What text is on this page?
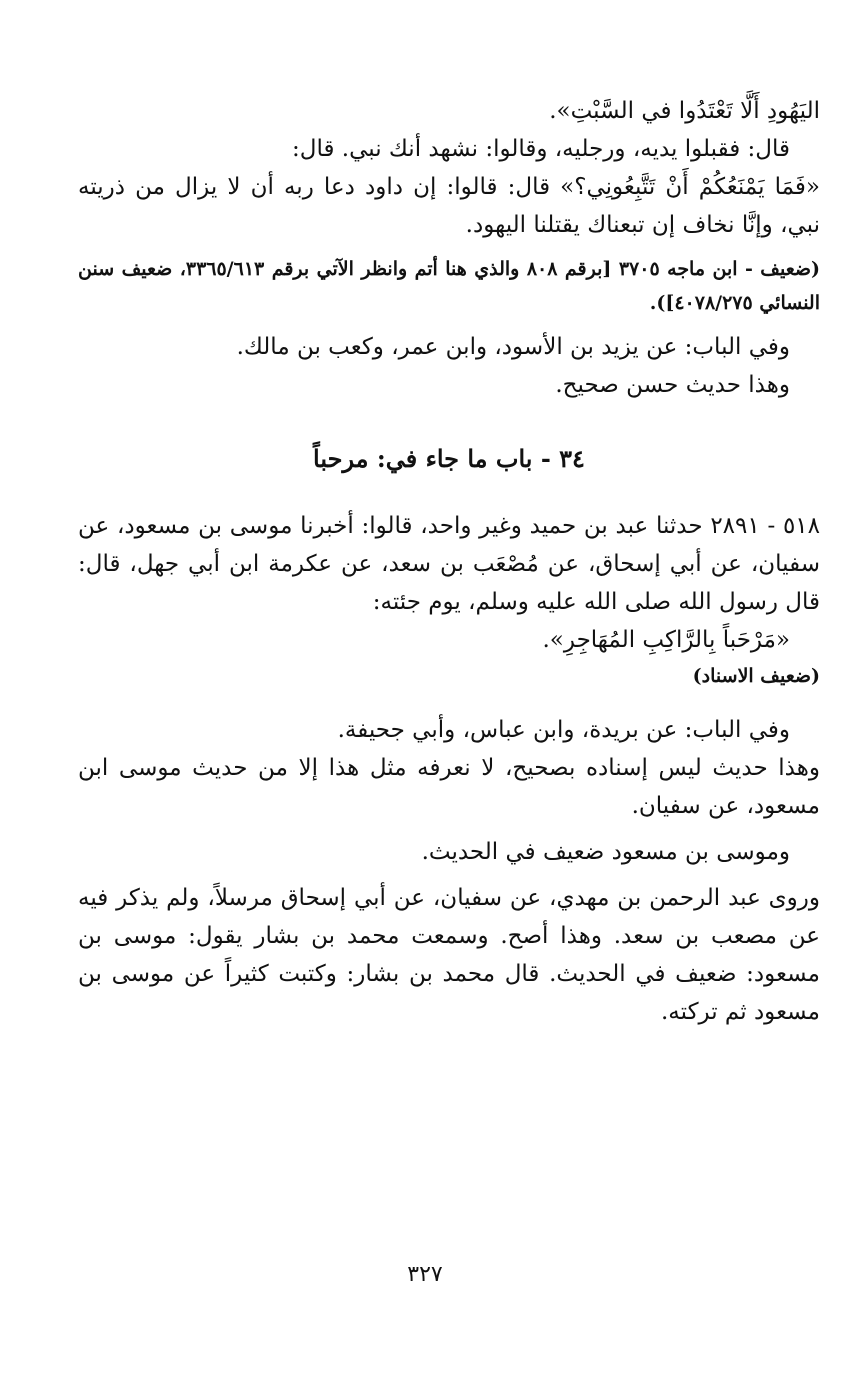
اليَهُودِ أَلَّا تَعْتَدُوا في السَّبْتِ».

قال: فقبلوا يديه، ورجليه، وقالوا: نشهد أنك نبي. قال:

«فَمَا يَمْنَعُكُمْ أَنْ تَتَّبِعُونِي؟» قال: قالوا: إن داود دعا ربه أن لا يزال من ذريته نبي، وإنَّا نخاف إن تبعناك يقتلنا اليهود.

(ضعيف - ابن ماجه ٣٧٠٥ [برقم ٨٠٨ والذي هنا أتم وانظر الآتي برقم ٣٣٦٥/٦١٣، ضعيف سنن النسائي ٤٠٧٨/٢٧٥]).

وفي الباب: عن يزيد بن الأسود، وابن عمر، وكعب بن مالك.

وهذا حديث حسن صحيح.

٣٤ - باب ما جاء في: مرحباً

٥١٨ - ٢٨٩١ حدثنا عبد بن حميد وغير واحد، قالوا: أخبرنا موسى بن مسعود، عن سفيان، عن أبي إسحاق، عن مُصْعَب بن سعد، عن عكرمة ابن أبي جهل، قال: قال رسول الله صلى الله عليه وسلم، يوم جئته:

«مَرْحَباً بِالرَّاكِبِ المُهَاجِرِ».

(ضعيف الاسناد)

وفي الباب: عن بريدة، وابن عباس، وأبي جحيفة.

وهذا حديث ليس إسناده بصحيح، لا نعرفه مثل هذا إلا من حديث موسى ابن مسعود، عن سفيان.

وموسى بن مسعود ضعيف في الحديث.

وروى عبد الرحمن بن مهدي، عن سفيان، عن أبي إسحاق مرسلاً، ولم يذكر فيه عن مصعب بن سعد. وهذا أصح. وسمعت محمد بن بشار يقول: موسى بن مسعود: ضعيف في الحديث. قال محمد بن بشار: وكتبت كثيراً عن موسى بن مسعود ثم تركته.

٣٢٧
